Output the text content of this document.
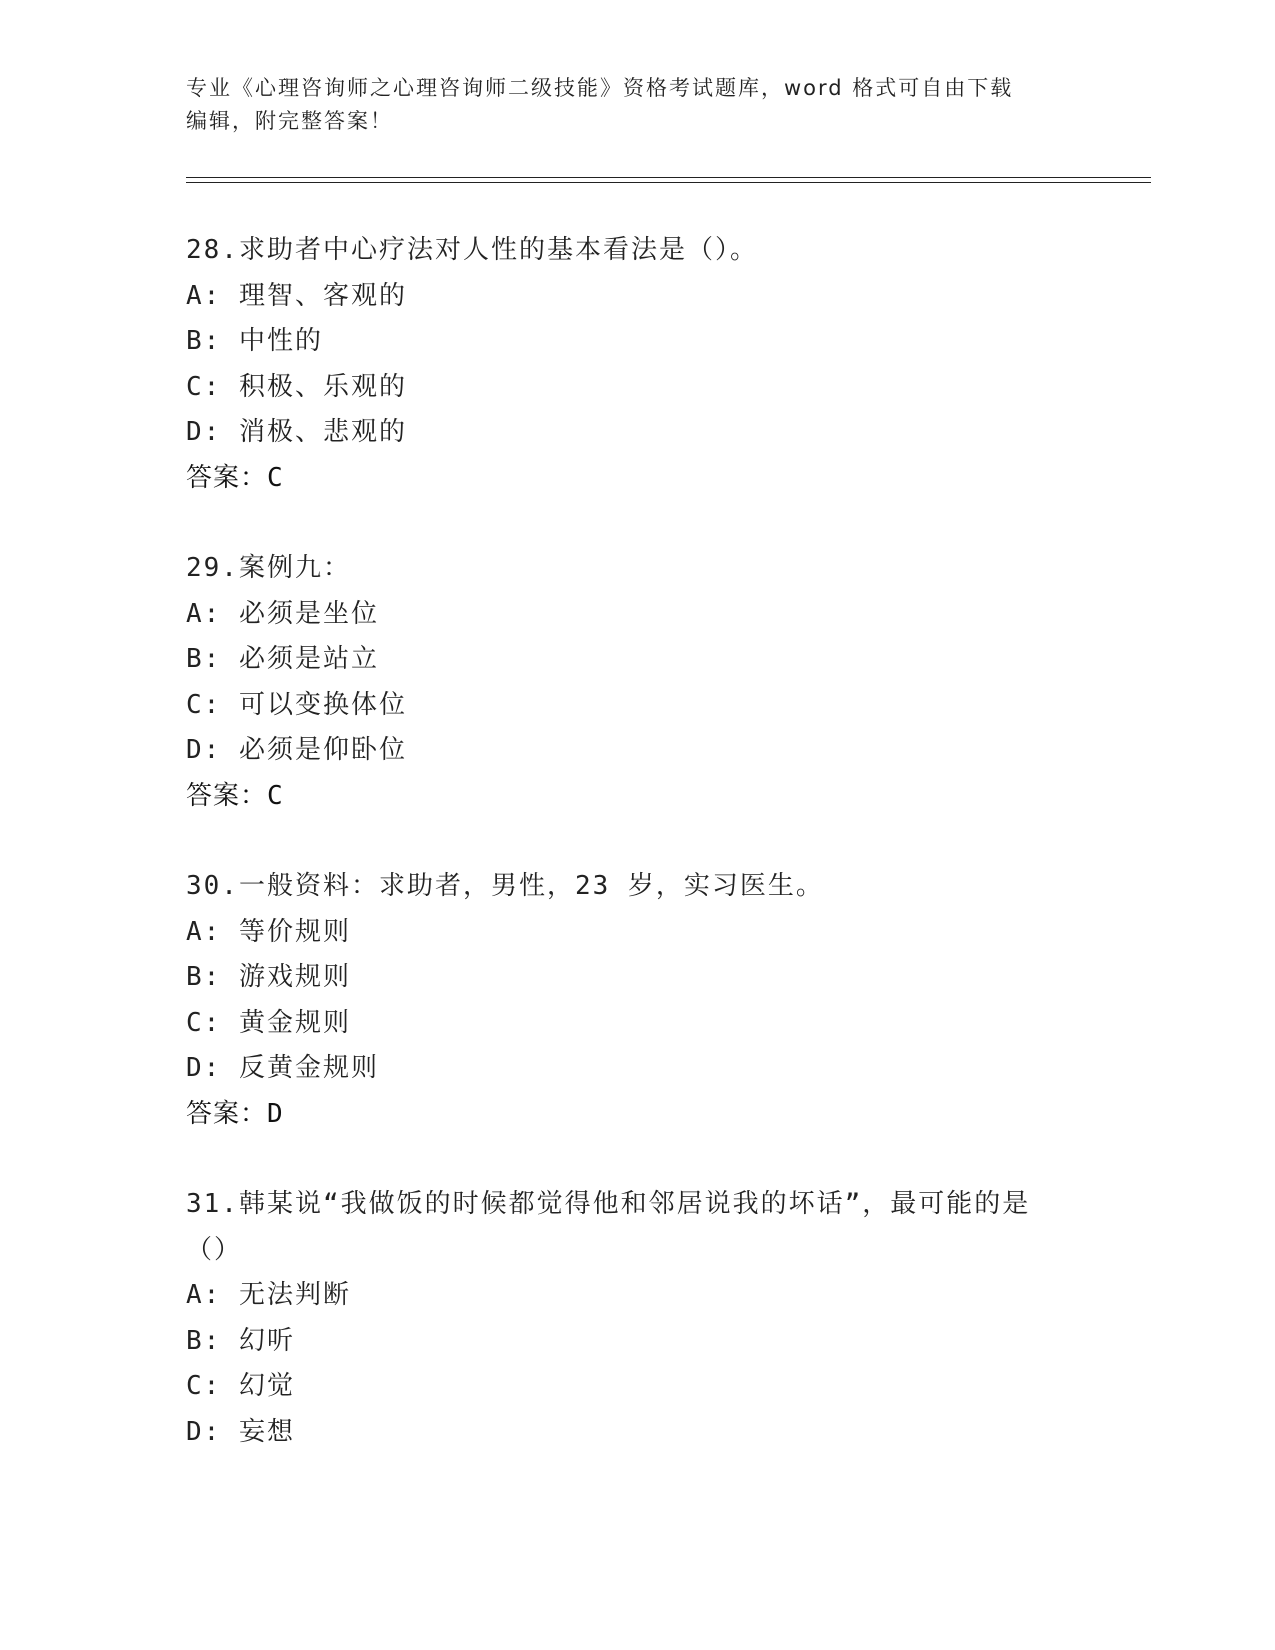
专业《心理咨询师之心理咨询师二级技能》资格考试题库，word 格式可自由下载
编辑，附完整答案！

28.求助者中心疗法对人性的基本看法是（）。

A: 理智、客观的

B: 中性的

C: 积极、乐观的

D: 消极、悲观的

答案：C

29.案例九：

A: 必须是坐位

B: 必须是站立

C: 可以变换体位

D: 必须是仰卧位

答案：C

30.一般资料：求助者，男性，23 岁，实习医生。

A: 等价规则

B: 游戏规则

C: 黄金规则

D: 反黄金规则

答案：D

31.韩某说“我做饭的时候都觉得他和邻居说我的坏话”，最可能的是

（）

A: 无法判断

B: 幻听

C: 幻觉

D: 妄想
